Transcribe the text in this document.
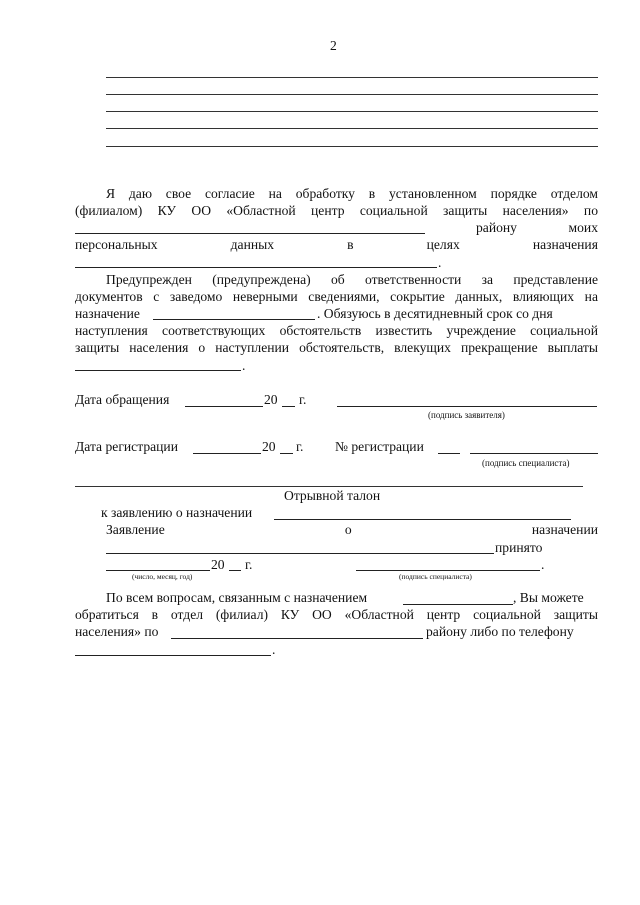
2
Я даю свое согласие на обработку в установленном порядке отделом
(филиалом) КУ ОО «Областной центр социальной защиты населения» по
району	моих
персональных	данных	в	целях	назначения
.
Предупрежден (предупреждена) об ответственности за представление
документов с заведомо неверными сведениями, сокрытие данных, влияющих на
назначение	. Обязуюсь в десятидневный срок со дня
наступления соответствующих обстоятельств известить учреждение социальной
защиты населения о наступлении обстоятельств, влекущих прекращение выплаты
.
Дата обращения	20 г.
(подпись заявителя)
Дата регистрации	20 г. № регистрации
(подпись специалиста)
Отрывной талон
к заявлению о назначении
Заявление	о	назначении
принято
20 г.
(число, месяц, год)
.
(подпись специалиста)
По всем вопросам, связанным с назначением	, Вы можете
обратиться в отдел (филиал) КУ ОО «Областной центр социальной защиты
населения» по	району либо по телефону
.
